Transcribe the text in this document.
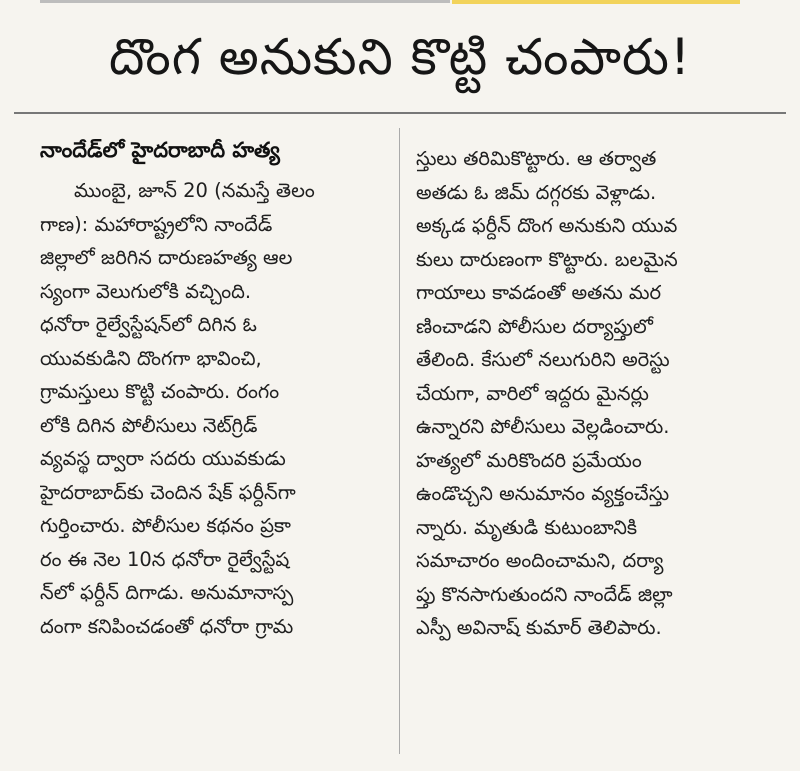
దొంగ అనుకుని కొట్టి చంపారు!
నాందేడ్‌లో హైదరాబాదీ హత్య
ముంబై, జూన్ 20 (నమస్తే తెలం
గాణ): మహారాష్ట్రలోని నాందేడ్
జిల్లాలో జరిగిన దారుణహత్య ఆల
స్యంగా వెలుగులోకి వచ్చింది.
ధనోరా రైల్వేస్టేషన్‌లో దిగిన ఓ
యువకుడిని దొంగగా భావించి,
గ్రామస్తులు కొట్టి చంపారు. రంగం
లోకి దిగిన పోలీసులు నెట్‌గ్రిడ్
వ్యవస్థ ద్వారా సదరు యువకుడు
హైదరాబాద్‌కు చెందిన షేక్ ఫర్దీన్‌గా
గుర్తించారు. పోలీసుల కథనం ప్రకా
రం ఈ నెల 10న ధనోరా రైల్వేస్టేష
న్‌లో ఫర్దీన్ దిగాడు. అనుమానాస్ప
దంగా కనిపించడంతో ధనోరా గ్రామ
స్తులు తరిమికొట్టారు. ఆ తర్వాత
అతడు ఓ జిమ్ దగ్గరకు వెళ్లాడు.
అక్కడ ఫర్దీన్ దొంగ అనుకుని యువ
కులు దారుణంగా కొట్టారు. బలమైన
గాయాలు కావడంతో అతను మర
ణించాడని పోలీసుల దర్యాప్తులో
తేలింది. కేసులో నలుగురిని అరెస్టు
చేయగా, వారిలో ఇద్దరు మైనర్లు
ఉన్నారని పోలీసులు వెల్లడించారు.
హత్యలో మరికొందరి ప్రమేయం
ఉండొచ్చని అనుమానం వ్యక్తంచేస్తు
న్నారు. మృతుడి కుటుంబానికి
సమాచారం అందించామని, దర్యా
ప్తు కొనసాగుతుందని నాందేడ్ జిల్లా
ఎస్పీ అవినాష్ కుమార్ తెలిపారు.
